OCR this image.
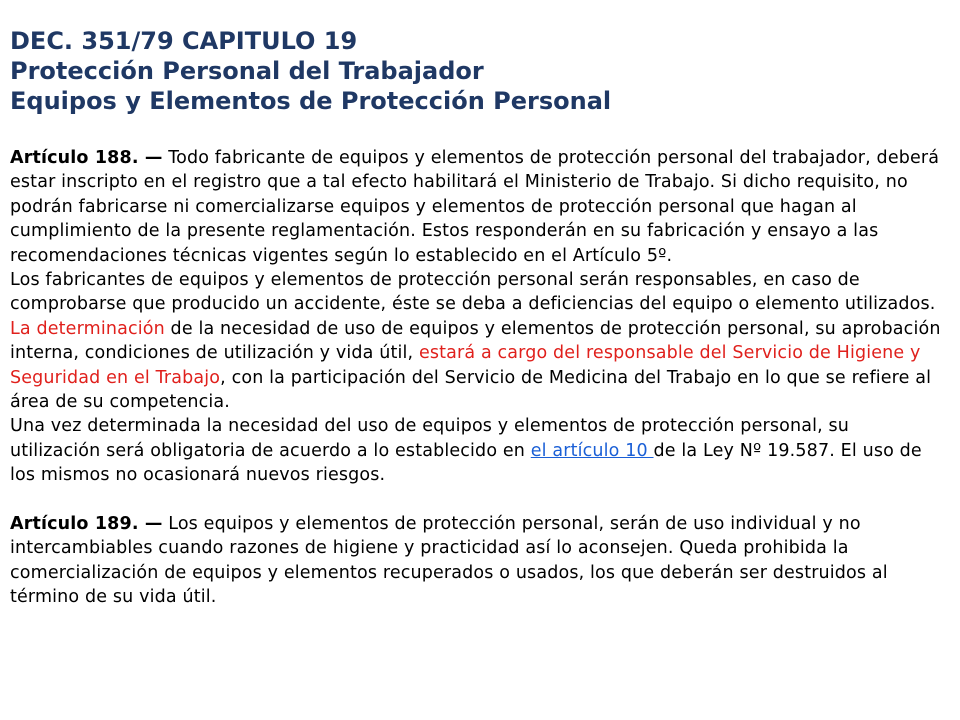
DEC. 351/79 CAPITULO 19
Protección Personal del Trabajador
Equipos y Elementos de Protección Personal

Artículo 188. — Todo fabricante de equipos y elementos de protección personal del trabajador, deberá estar inscripto en el registro que a tal efecto habilitará el Ministerio de Trabajo. Si dicho requisito, no podrán fabricarse ni comercializarse equipos y elementos de protección personal que hagan al cumplimiento de la presente reglamentación. Estos responderán en su fabricación y ensayo a las recomendaciones técnicas vigentes según lo establecido en el Artículo 5º.

Los fabricantes de equipos y elementos de protección personal serán responsables, en caso de comprobarse que producido un accidente, éste se deba a deficiencias del equipo o elemento utilizados.

La determinación de la necesidad de uso de equipos y elementos de protección personal, su aprobación interna, condiciones de utilización y vida útil, estará a cargo del responsable del Servicio de Higiene y Seguridad en el Trabajo, con la participación del Servicio de Medicina del Trabajo en lo que se refiere al área de su competencia.

Una vez determinada la necesidad del uso de equipos y elementos de protección personal, su utilización será obligatoria de acuerdo a lo establecido en el artículo 10 de la Ley Nº 19.587. El uso de los mismos no ocasionará nuevos riesgos.

Artículo 189. — Los equipos y elementos de protección personal, serán de uso individual y no intercambiables cuando razones de higiene y practicidad así lo aconsejen. Queda prohibida la comercialización de equipos y elementos recuperados o usados, los que deberán ser destruidos al término de su vida útil.
